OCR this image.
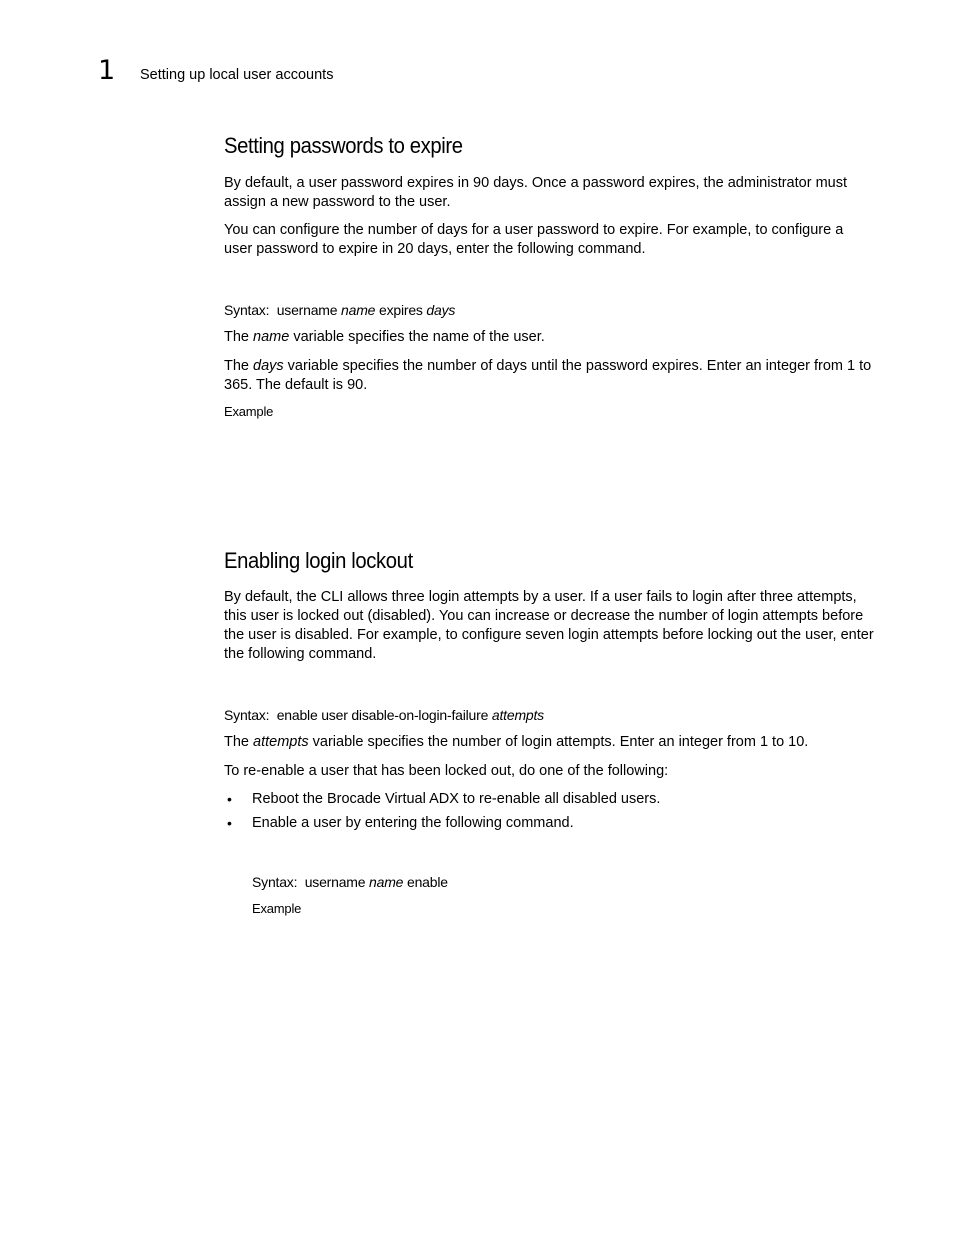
1 Setting up local user accounts
Setting passwords to expire

By default, a user password expires in 90 days. Once a password expires, the administrator must assign a new password to the user.

You can configure the number of days for a user password to expire. For example, to configure a user password to expire in 20 days, enter the following command.

Syntax: username name expires days

The name variable specifies the name of the user.

The days variable specifies the number of days until the password expires. Enter an integer from 1 to 365. The default is 90.

Example
Enabling login lockout

By default, the CLI allows three login attempts by a user. If a user fails to login after three attempts, this user is locked out (disabled). You can increase or decrease the number of login attempts before the user is disabled. For example, to configure seven login attempts before locking out the user, enter the following command.

Syntax: enable user disable-on-login-failure attempts

The attempts variable specifies the number of login attempts. Enter an integer from 1 to 10.

To re-enable a user that has been locked out, do one of the following:

• Reboot the Brocade Virtual ADX to re-enable all disabled users.
• Enable a user by entering the following command.
Syntax: username name enable
Example
